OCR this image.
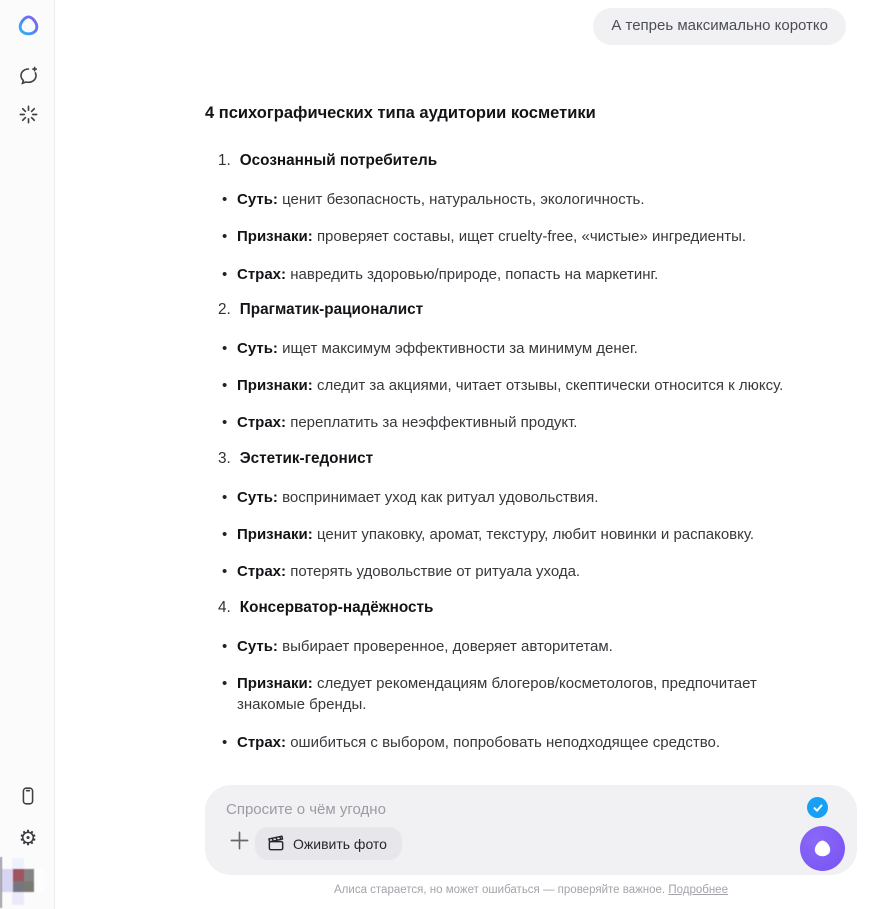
⚙
А тепреь максимально коротко
4 психографических типа аудитории косметики
1. Осознанный потребитель
• Суть: ценит безопасность, натуральность, экологичность.
• Признаки: проверяет составы, ищет cruelty-free, «чистые» ингредиенты.
• Страх: навредить здоровью/природе, попасть на маркетинг.
2. Прагматик-рационалист
• Суть: ищет максимум эффективности за минимум денег.
• Признаки: следит за акциями, читает отзывы, скептически относится к люксу.
• Страх: переплатить за неэффективный продукт.
3. Эстетик-гедонист
• Суть: воспринимает уход как ритуал удовольствия.
• Признаки: ценит упаковку, аромат, текстуру, любит новинки и распаковку.
• Страх: потерять удовольствие от ритуала ухода.
4. Консерватор-надёжность
• Суть: выбирает проверенное, доверяет авторитетам.
• Признаки: следует рекомендациям блогеров/косметологов, предпочитает знакомые бренды.
• Страх: ошибиться с выбором, попробовать неподходящее средство.
Спросите о чём угодно
Оживить фото
Алиса старается, но может ошибаться — проверяйте важное. Подробнее
